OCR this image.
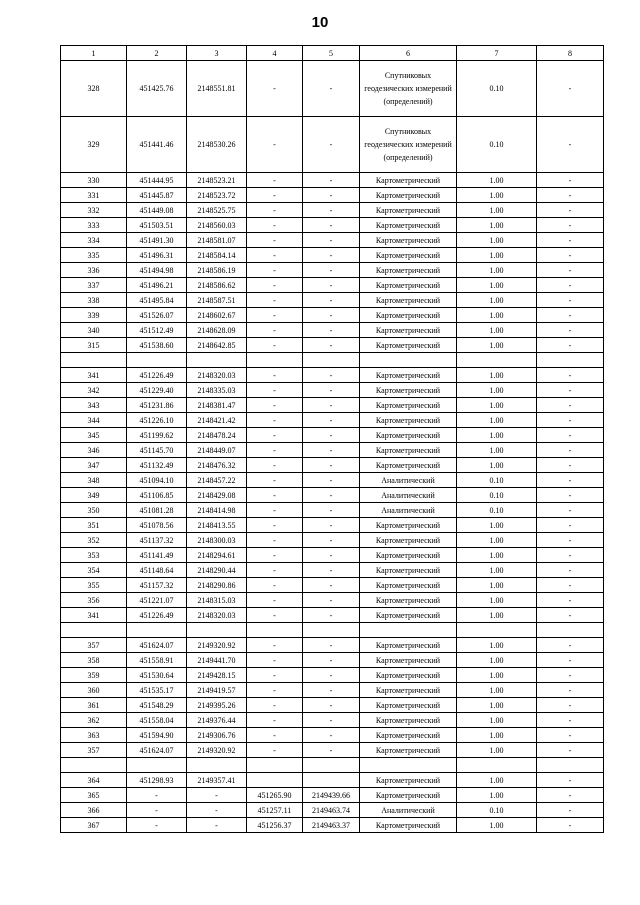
10
1	2	3	4	5	6	7	8
328	451425.76	2148551.81	-	-	Спутниковых геодезических измерений (определений)	0.10	-
329	451441.46	2148530.26	-	-	Спутниковых геодезических измерений (определений)	0.10	-
330	451444.95	2148523.21	-	-	Картометрический	1.00	-
331	451445.87	2148523.72	-	-	Картометрический	1.00	-
332	451449.08	2148525.75	-	-	Картометрический	1.00	-
333	451503.51	2148560.03	-	-	Картометрический	1.00	-
334	451491.30	2148581.07	-	-	Картометрический	1.00	-
335	451496.31	2148584.14	-	-	Картометрический	1.00	-
336	451494.98	2148586.19	-	-	Картометрический	1.00	-
337	451496.21	2148586.62	-	-	Картометрический	1.00	-
338	451495.84	2148587.51	-	-	Картометрический	1.00	-
339	451526.07	2148602.67	-	-	Картометрический	1.00	-
340	451512.49	2148628.09	-	-	Картометрический	1.00	-
315	451538.60	2148642.85	-	-	Картометрический	1.00	-

341	451226.49	2148320.03	-	-	Картометрический	1.00	-
342	451229.40	2148335.03	-	-	Картометрический	1.00	-
343	451231.86	2148381.47	-	-	Картометрический	1.00	-
344	451226.10	2148421.42	-	-	Картометрический	1.00	-
345	451199.62	2148478.24	-	-	Картометрический	1.00	-
346	451145.70	2148449.07	-	-	Картометрический	1.00	-
347	451132.49	2148476.32	-	-	Картометрический	1.00	-
348	451094.10	2148457.22	-	-	Аналитический	0.10	-
349	451106.85	2148429.08	-	-	Аналитический	0.10	-
350	451081.28	2148414.98	-	-	Аналитический	0.10	-
351	451078.56	2148413.55	-	-	Картометрический	1.00	-
352	451137.32	2148300.03	-	-	Картометрический	1.00	-
353	451141.49	2148294.61	-	-	Картометрический	1.00	-
354	451148.64	2148290.44	-	-	Картометрический	1.00	-
355	451157.32	2148290.86	-	-	Картометрический	1.00	-
356	451221.07	2148315.03	-	-	Картометрический	1.00	-
341	451226.49	2148320.03	-	-	Картометрический	1.00	-

357	451624.07	2149320.92	-	-	Картометрический	1.00	-
358	451558.91	2149441.70	-	-	Картометрический	1.00	-
359	451530.64	2149428.15	-	-	Картометрический	1.00	-
360	451535.17	2149419.57	-	-	Картометрический	1.00	-
361	451548.29	2149395.26	-	-	Картометрический	1.00	-
362	451558.04	2149376.44	-	-	Картометрический	1.00	-
363	451594.90	2149306.76	-	-	Картометрический	1.00	-
357	451624.07	2149320.92	-	-	Картометрический	1.00	-

364	451298.93	2149357.41			Картометрический	1.00	-
365	-	-	451265.90	2149439.66	Картометрический	1.00	-
366	-	-	451257.11	2149463.74	Аналитический	0.10	-
367	-	-	451256.37	2149463.37	Картометрический	1.00	-
